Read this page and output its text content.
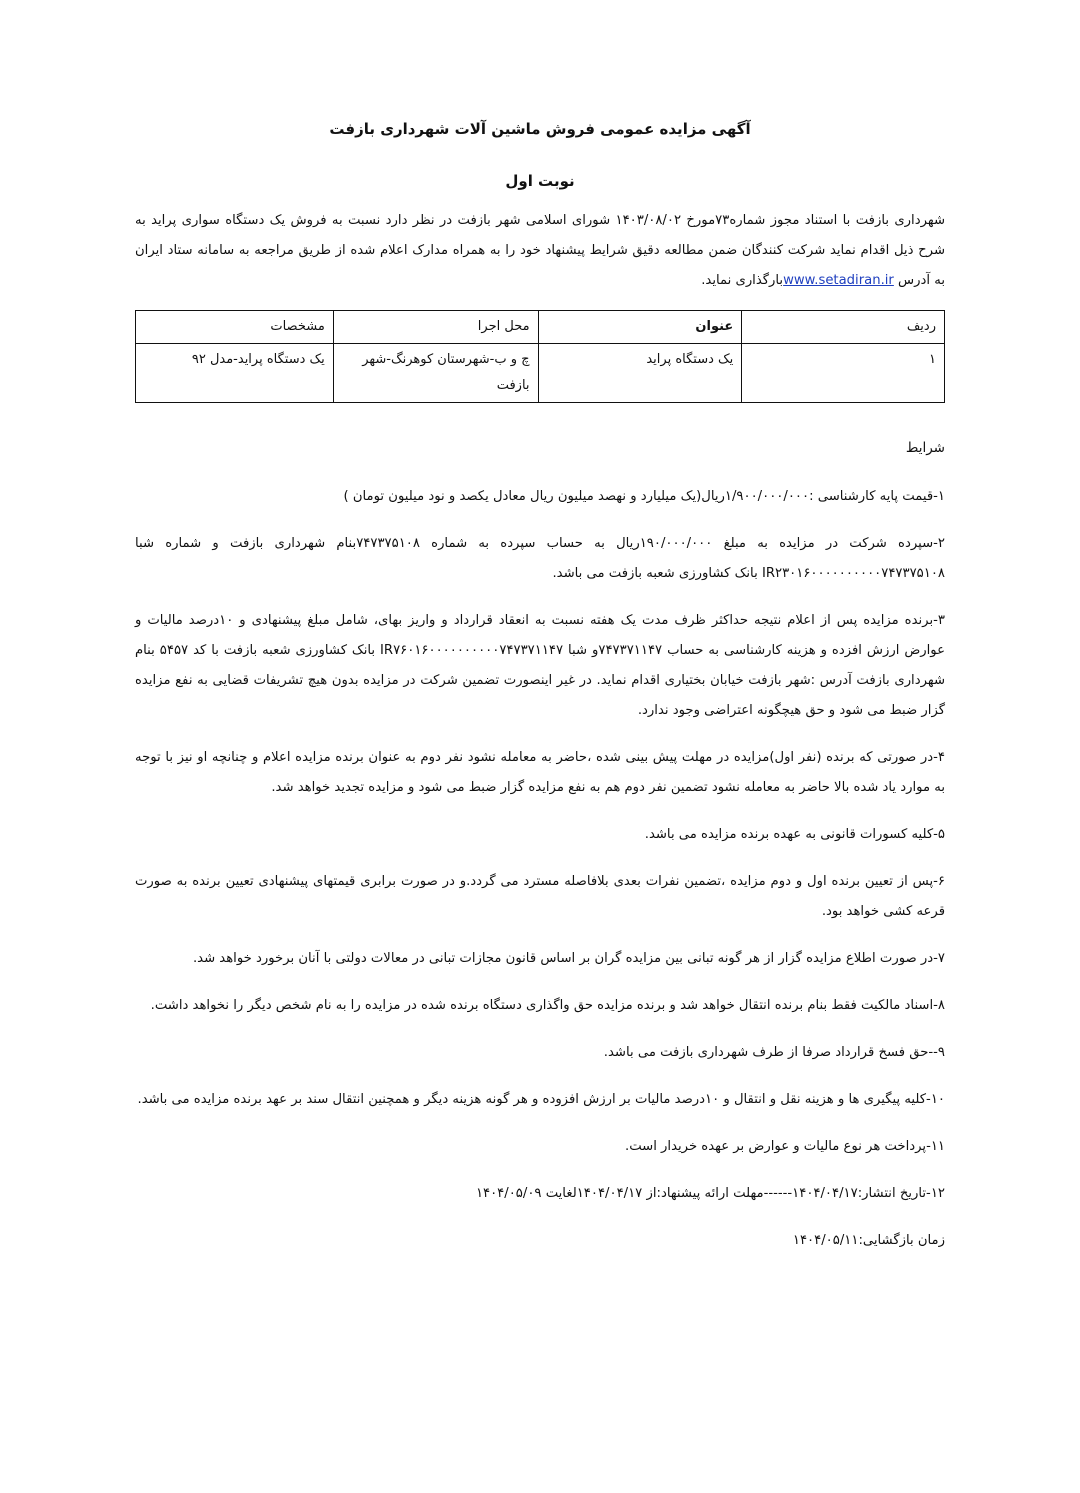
آگهی مزایده عمومی فروش ماشین آلات شهرداری بازفت
نوبت اول

شهرداری بازفت با استناد مجوز شماره۷۳مورخ ۱۴۰۳/۰۸/۰۲ شورای اسلامی شهر بازفت در نظر دارد نسبت به فروش یک دستگاه سواری پراید به شرح ذیل اقدام نماید شرکت کنندگان ضمن مطالعه دقیق شرایط پیشنهاد خود را به همراه مدارک اعلام شده از طریق مراجعه به سامانه ستاد ایران به آدرس www.setadiran.irبارگذاری نماید.

ردیف	عنوان	محل اجرا	مشخصات
۱	یک دستگاه پراید	چ و ب-شهرستان کوهرنگ-شهر بازفت	یک دستگاه پراید-مدل ۹۲
شرایط

۱-قیمت پایه کارشناسی :۱/۹۰۰/۰۰۰/۰۰۰ریال(یک میلیارد و نهصد میلیون ریال معادل یکصد و نود میلیون تومان )

۲-سپرده شرکت در مزایده به مبلغ ۱۹۰/۰۰۰/۰۰۰ریال به حساب سپرده به شماره ۷۴۷۳۷۵۱۰۸بنام شهرداری بازفت و شماره شبا IR۲۳۰۱۶۰۰۰۰۰۰۰۰۰۰۷۴۷۳۷۵۱۰۸ بانک کشاورزی شعبه بازفت می باشد.

۳-برنده مزایده پس از اعلام نتیجه حداکثر ظرف مدت یک هفته نسبت به انعقاد قرارداد و واریز بهای، شامل مبلغ پیشنهادی و ۱۰درصد مالیات و عوارض ارزش افزده و هزینه کارشناسی به حساب ۷۴۷۳۷۱۱۴۷و شبا IR۷۶۰۱۶۰۰۰۰۰۰۰۰۰۰۷۴۷۳۷۱۱۴۷ بانک کشاورزی شعبه بازفت با کد ۵۴۵۷ بنام شهرداری بازفت آدرس :شهر بازفت خیابان بختیاری اقدام نماید. در غیر اینصورت تضمین شرکت در مزایده بدون هیچ تشریفات قضایی به نفع مزایده گزار ضبط می شود و حق هیچگونه اعتراضی وجود ندارد.

۴-در صورتی که برنده (نفر اول)مزایده در مهلت پیش بینی شده ،حاضر به معامله نشود نفر دوم به عنوان برنده مزایده اعلام و چنانچه او نیز با توجه به موارد یاد شده بالا حاضر به معامله نشود تضمین نفر دوم هم به نفع مزایده گزار ضبط می شود و مزایده تجدید خواهد شد.

۵-کلیه کسورات قانونی به عهده برنده مزایده می باشد.

۶-پس از تعیین برنده اول و دوم مزایده ،تضمین نفرات بعدی بلافاصله مسترد می گردد.و در صورت برابری قیمتهای پیشنهادی تعیین برنده به صورت قرعه کشی خواهد بود.

۷-در صورت اطلاع مزایده گزار از هر گونه تبانی بین مزایده گران بر اساس قانون مجازات تبانی در معالات دولتی با آنان برخورد خواهد شد.

۸-اسناد مالکیت فقط بنام برنده انتقال خواهد شد و برنده مزایده حق واگذاری دستگاه برنده شده در مزایده را به نام شخص دیگر را نخواهد داشت.

۹--حق فسخ قرارداد صرفا از طرف شهرداری بازفت می باشد.

۱۰-کلیه پیگیری ها و هزینه نقل و انتقال و ۱۰درصد مالیات بر ارزش افزوده و هر گونه هزینه دیگر و همچنین انتقال سند بر عهد برنده مزایده می باشد.

۱۱-پرداخت هر نوع مالیات و عوارض بر عهده خریدار است.

۱۲-تاریخ انتشار:۱۴۰۴/۰۴/۱۷------مهلت ارائه پیشنهاد:از ۱۴۰۴/۰۴/۱۷لغایت ۱۴۰۴/۰۵/۰۹

زمان بازگشایی:۱۴۰۴/۰۵/۱۱
